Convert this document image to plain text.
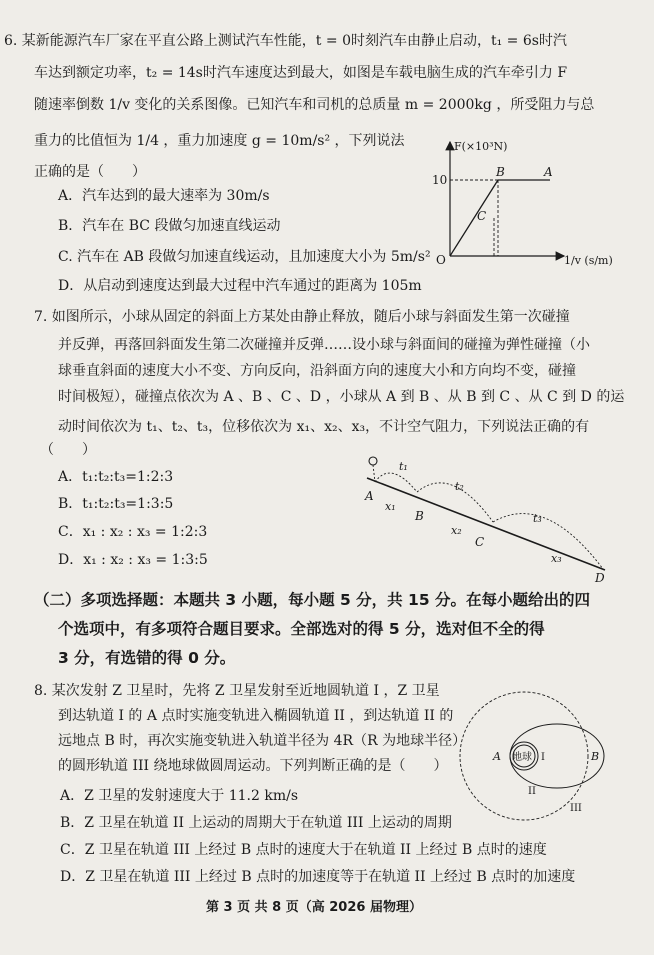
6. 某新能源汽车厂家在平直公路上测试汽车性能，t = 0时刻汽车由静止启动，t₁ = 6s时汽
车达到额定功率，t₂ = 14s时汽车速度达到最大，如图是车载电脑生成的汽车牵引力 F
随速率倒数 1/v 变化的关系图像。已知汽车和司机的总质量 m = 2000kg ，所受阻力与总
重力的比值恒为 1/4 ，重力加速度 g = 10m/s² ，下列说法
正确的是（　　）
A．汽车达到的最大速率为 30m/s
B．汽车在 BC 段做匀加速直线运动
C. 汽车在 AB 段做匀加速直线运动，且加速度大小为 5m/s²
D．从启动到速度达到最大过程中汽车通过的距离为 105m
F(×10³N)
10
O
A
B
C
1/v (s/m)
7. 如图所示，小球从固定的斜面上方某处由静止释放，随后小球与斜面发生第一次碰撞
并反弹，再落回斜面发生第二次碰撞并反弹……设小球与斜面间的碰撞为弹性碰撞（小
球垂直斜面的速度大小不变、方向反向，沿斜面方向的速度大小和方向均不变，碰撞
时间极短），碰撞点依次为 A 、B 、C 、D ，小球从 A 到 B 、从 B 到 C 、从 C 到 D 的运
动时间依次为 t₁、t₂、t₃，位移依次为 x₁、x₂、x₃，不计空气阻力，下列说法正确的有
（　　）
A．t₁:t₂:t₃=1:2:3
B．t₁:t₂:t₃=1:3:5
C．x₁ : x₂ : x₃ = 1:2:3
D．x₁ : x₂ : x₃ = 1:3:5
A
B
C
D
t₁
t₂
t₃
x₁
x₂
x₃
（二）多项选择题：本题共 3 小题，每小题 5 分，共 15 分。在每小题给出的四
个选项中，有多项符合题目要求。全部选对的得 5 分，选对但不全的得
3 分，有选错的得 0 分。
8. 某次发射 Z 卫星时，先将 Z 卫星发射至近地圆轨道 I ，Z 卫星
到达轨道 I 的 A 点时实施变轨进入椭圆轨道 II ，到达轨道 II 的
远地点 B 时，再次实施变轨进入轨道半径为 4R（R 为地球半径）
的圆形轨道 III 绕地球做圆周运动。下列判断正确的是（　　）
A．Z 卫星的发射速度大于 11.2 km/s
B．Z 卫星在轨道 II 上运动的周期大于在轨道 III 上运动的周期
C．Z 卫星在轨道 III 上经过 B 点时的速度大于在轨道 II 上经过 B 点时的速度
D．Z 卫星在轨道 III 上经过 B 点时的加速度等于在轨道 II 上经过 B 点时的加速度
地球
A	B
I
II
III
第 3 页 共 8 页（高 2026 届物理）
